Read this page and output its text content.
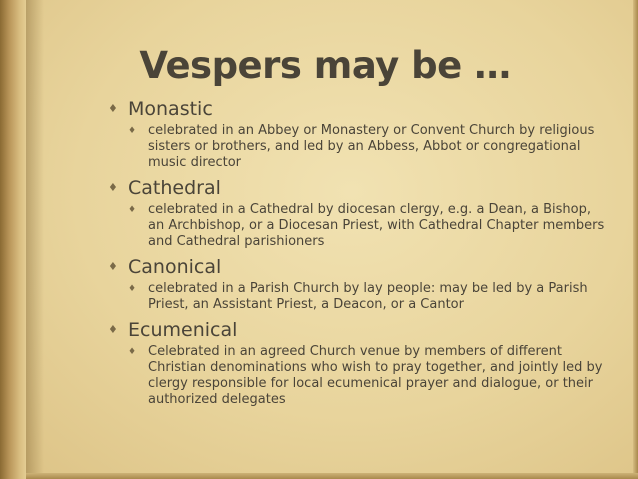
Vespers may be …
♦ Monastic
♦ celebrated in an Abbey or Monastery or Convent Church by religious sisters or brothers, and led by an Abbess, Abbot or congregational music director
♦ Cathedral
♦ celebrated in a Cathedral by diocesan clergy, e.g. a Dean, a Bishop, an Archbishop, or a Diocesan Priest, with Cathedral Chapter members and Cathedral parishioners
♦ Canonical
♦ celebrated in a Parish Church by lay people: may be led by a Parish Priest, an Assistant Priest, a Deacon, or a Cantor
♦ Ecumenical
♦ Celebrated in an agreed Church venue by members of different Christian denominations who wish to pray together, and jointly led by clergy responsible for local ecumenical prayer and dialogue, or their authorized delegates
